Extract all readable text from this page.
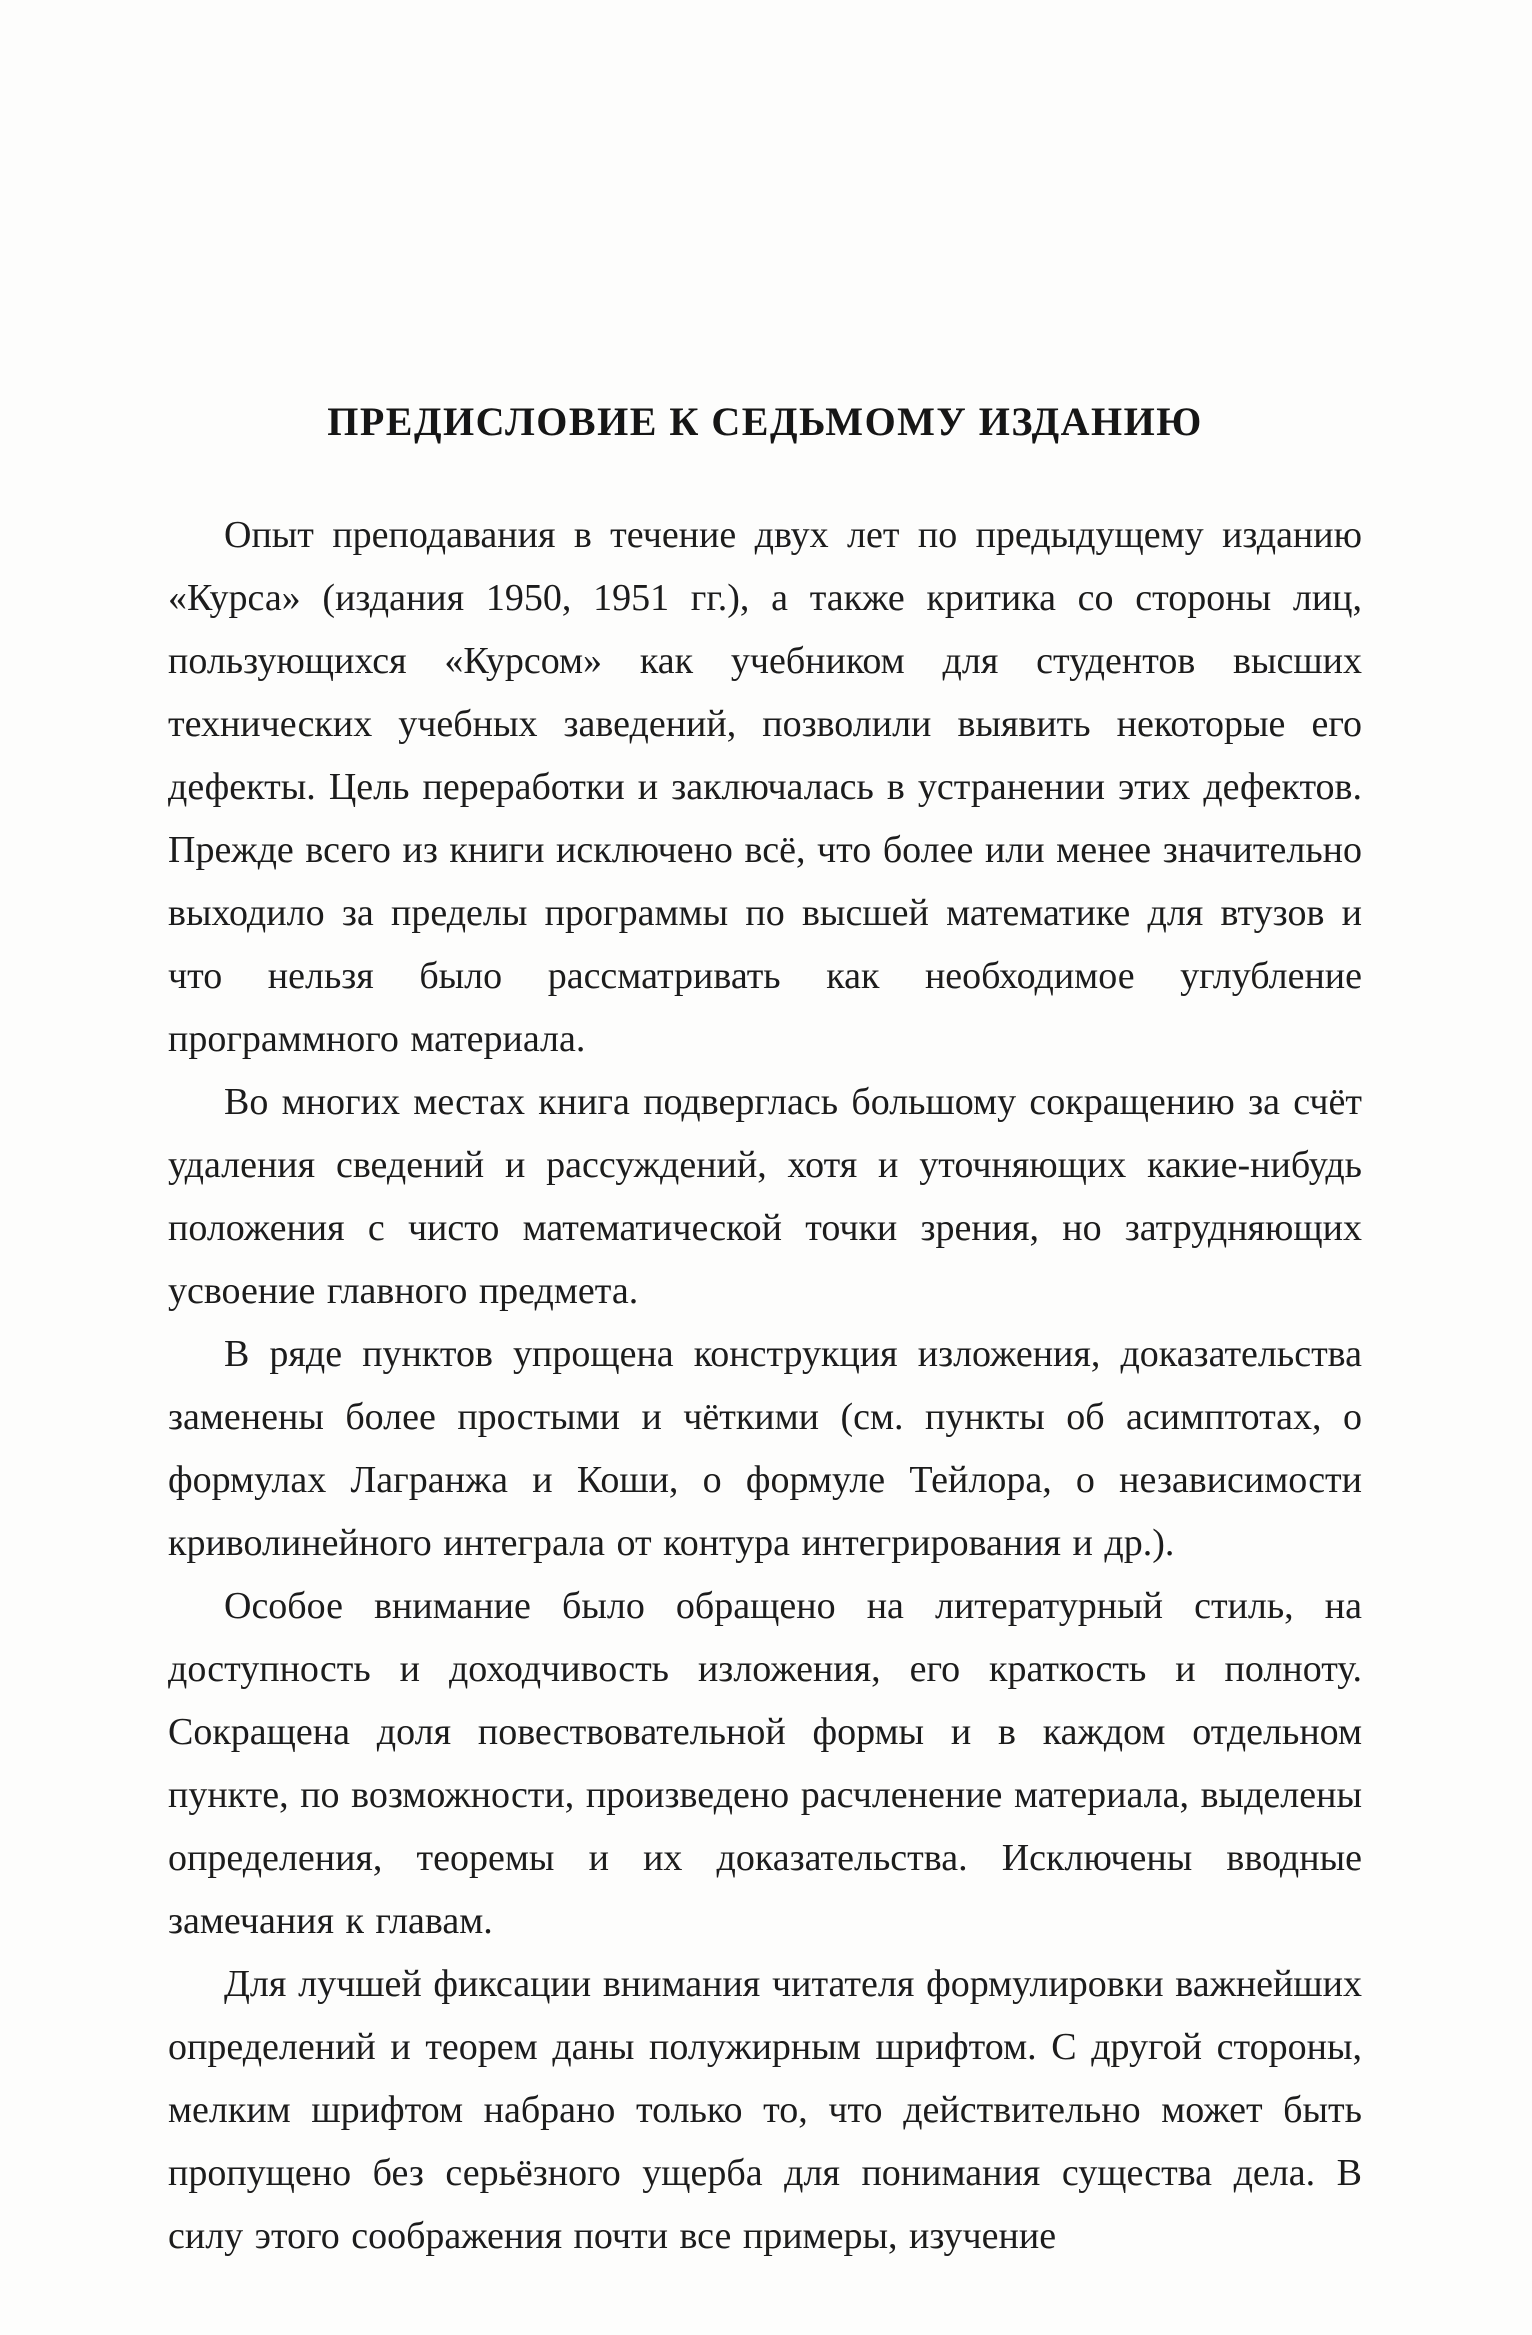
ПРЕДИСЛОВИЕ К СЕДЬМОМУ ИЗДАНИЮ

Опыт преподавания в течение двух лет по предыдущему изданию «Курса» (издания 1950, 1951 гг.), а также критика со стороны лиц, пользующихся «Курсом» как учебником для студентов высших технических учебных заведений, позволили выявить некоторые его дефекты. Цель переработки и заключалась в устранении этих дефектов. Прежде всего из книги исключено всё, что более или менее значительно выходило за пределы программы по высшей математике для втузов и что нельзя было рассматривать как необходимое углубление программного материала.

Во многих местах книга подверглась большому сокращению за счёт удаления сведений и рассуждений, хотя и уточняющих какие-нибудь положения с чисто математической точки зрения, но затрудняющих усвоение главного предмета.

В ряде пунктов упрощена конструкция изложения, доказательства заменены более простыми и чёткими (см. пункты об асимптотах, о формулах Лагранжа и Коши, о формуле Тейлора, о независимости криволинейного интеграла от контура интегрирования и др.).

Особое внимание было обращено на литературный стиль, на доступность и доходчивость изложения, его краткость и полноту. Сокращена доля повествовательной формы и в каждом отдельном пункте, по возможности, произведено расчленение материала, выделены определения, теоремы и их доказательства. Исключены вводные замечания к главам.

Для лучшей фиксации внимания читателя формулировки важнейших определений и теорем даны полужирным шрифтом. С другой стороны, мелким шрифтом набрано только то, что действительно может быть пропущено без серьёзного ущерба для понимания существа дела. В силу этого соображения почти все примеры, изучение
